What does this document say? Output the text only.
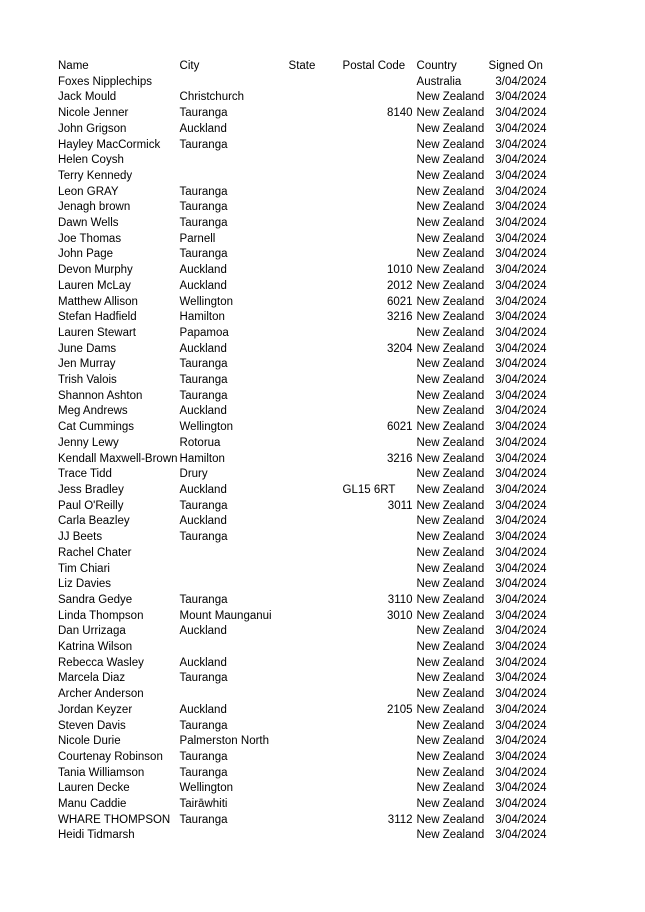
Name	City	State	Postal Code	Country	Signed On
Foxes Nipplechips				Australia	3/04/2024
Jack Mould	Christchurch			New Zealand	3/04/2024
Nicole Jenner	Tauranga		8140	New Zealand	3/04/2024
John Grigson	Auckland			New Zealand	3/04/2024
Hayley MacCormick	Tauranga			New Zealand	3/04/2024
Helen Coysh				New Zealand	3/04/2024
Terry Kennedy				New Zealand	3/04/2024
Leon GRAY	Tauranga			New Zealand	3/04/2024
Jenagh brown	Tauranga			New Zealand	3/04/2024
Dawn Wells	Tauranga			New Zealand	3/04/2024
Joe Thomas	Parnell			New Zealand	3/04/2024
John Page	Tauranga			New Zealand	3/04/2024
Devon Murphy	Auckland		1010	New Zealand	3/04/2024
Lauren McLay	Auckland		2012	New Zealand	3/04/2024
Matthew Allison	Wellington		6021	New Zealand	3/04/2024
Stefan Hadfield	Hamilton		3216	New Zealand	3/04/2024
Lauren Stewart	Papamoa			New Zealand	3/04/2024
June Dams	Auckland		3204	New Zealand	3/04/2024
Jen Murray	Tauranga			New Zealand	3/04/2024
Trish Valois	Tauranga			New Zealand	3/04/2024
Shannon Ashton	Tauranga			New Zealand	3/04/2024
Meg Andrews	Auckland			New Zealand	3/04/2024
Cat Cummings	Wellington		6021	New Zealand	3/04/2024
Jenny Lewy	Rotorua			New Zealand	3/04/2024
Kendall Maxwell-Brown	Hamilton		3216	New Zealand	3/04/2024
Trace Tidd	Drury			New Zealand	3/04/2024
Jess Bradley	Auckland		GL15 6RT	New Zealand	3/04/2024
Paul O'Reilly	Tauranga		3011	New Zealand	3/04/2024
Carla Beazley	Auckland			New Zealand	3/04/2024
JJ Beets	Tauranga			New Zealand	3/04/2024
Rachel Chater				New Zealand	3/04/2024
Tim Chiari				New Zealand	3/04/2024
Liz Davies				New Zealand	3/04/2024
Sandra Gedye	Tauranga		3110	New Zealand	3/04/2024
Linda Thompson	Mount Maunganui		3010	New Zealand	3/04/2024
Dan Urrizaga	Auckland			New Zealand	3/04/2024
Katrina Wilson				New Zealand	3/04/2024
Rebecca Wasley	Auckland			New Zealand	3/04/2024
Marcela Diaz	Tauranga			New Zealand	3/04/2024
Archer Anderson				New Zealand	3/04/2024
Jordan Keyzer	Auckland		2105	New Zealand	3/04/2024
Steven Davis	Tauranga			New Zealand	3/04/2024
Nicole Durie	Palmerston North			New Zealand	3/04/2024
Courtenay Robinson	Tauranga			New Zealand	3/04/2024
Tania Williamson	Tauranga			New Zealand	3/04/2024
Lauren Decke	Wellington			New Zealand	3/04/2024
Manu Caddie	Tairāwhiti			New Zealand	3/04/2024
WHARE THOMPSON	Tauranga		3112	New Zealand	3/04/2024
Heidi Tidmarsh				New Zealand	3/04/2024
